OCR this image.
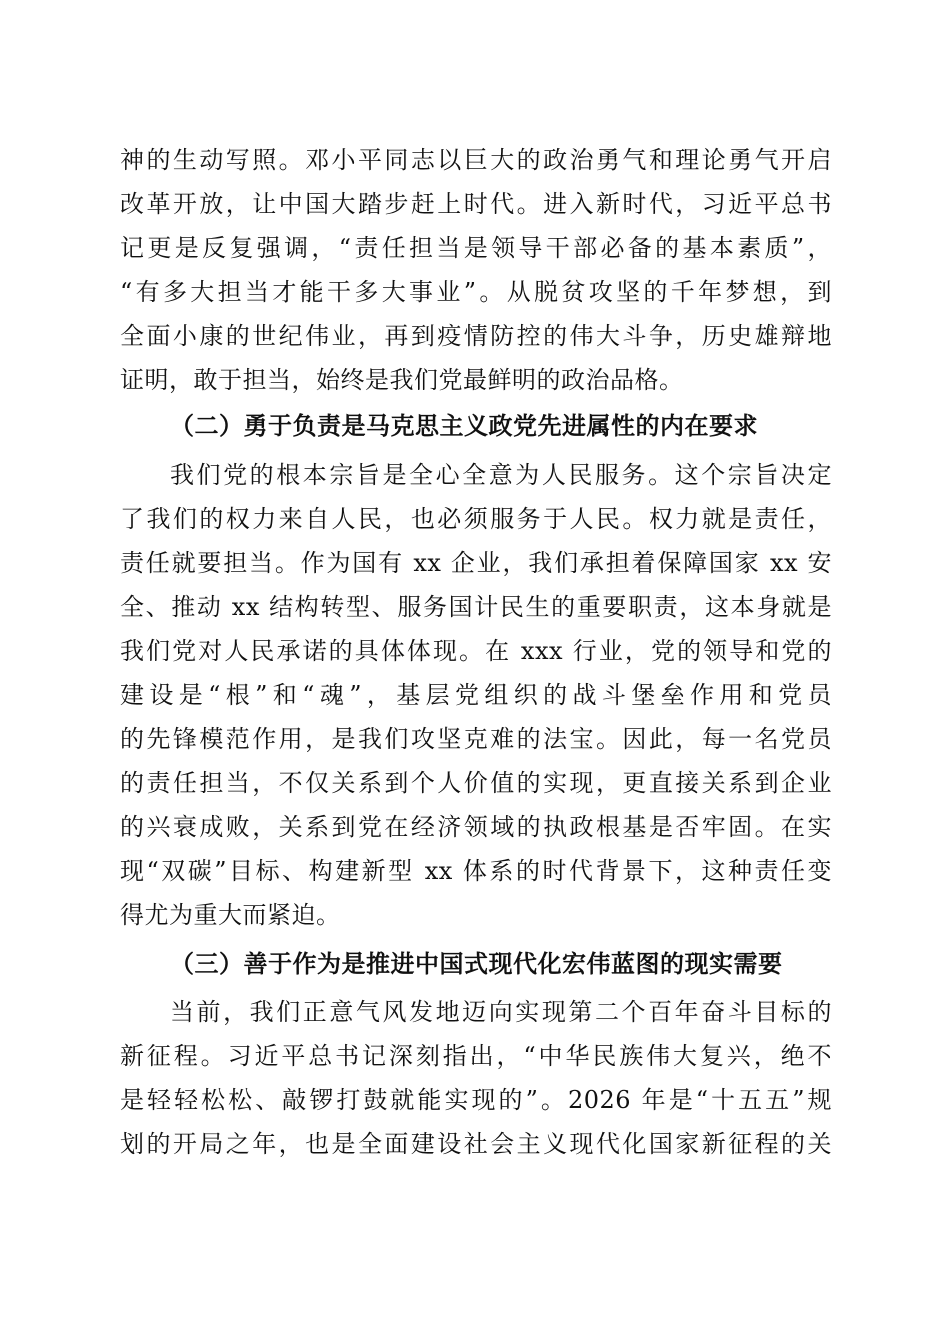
神的生动写照。邓小平同志以巨大的政治勇气和理论勇气开启
改革开放，让中国大踏步赶上时代。进入新时代，习近平总书
记更是反复强调，“责任担当是领导干部必备的基本素质”，
“有多大担当才能干多大事业”。从脱贫攻坚的千年梦想，到
全面小康的世纪伟业，再到疫情防控的伟大斗争，历史雄辩地
证明，敢于担当，始终是我们党最鲜明的政治品格。
（二）勇于负责是马克思主义政党先进属性的内在要求
我们党的根本宗旨是全心全意为人民服务。这个宗旨决定
了我们的权力来自人民，也必须服务于人民。权力就是责任，
责任就要担当。作为国有 xx 企业，我们承担着保障国家 xx 安
全、推动 xx 结构转型、服务国计民生的重要职责，这本身就是
我们党对人民承诺的具体体现。在 xxx 行业，党的领导和党的
建设是“根”和“魂”，基层党组织的战斗堡垒作用和党员
的先锋模范作用，是我们攻坚克难的法宝。因此，每一名党员
的责任担当，不仅关系到个人价值的实现，更直接关系到企业
的兴衰成败，关系到党在经济领域的执政根基是否牢固。在实
现“双碳”目标、构建新型 xx 体系的时代背景下，这种责任变
得尤为重大而紧迫。
（三）善于作为是推进中国式现代化宏伟蓝图的现实需要
当前，我们正意气风发地迈向实现第二个百年奋斗目标的
新征程。习近平总书记深刻指出，“中华民族伟大复兴，绝不
是轻轻松松、敲锣打鼓就能实现的”。2026 年是“十五五”规
划的开局之年，也是全面建设社会主义现代化国家新征程的关
